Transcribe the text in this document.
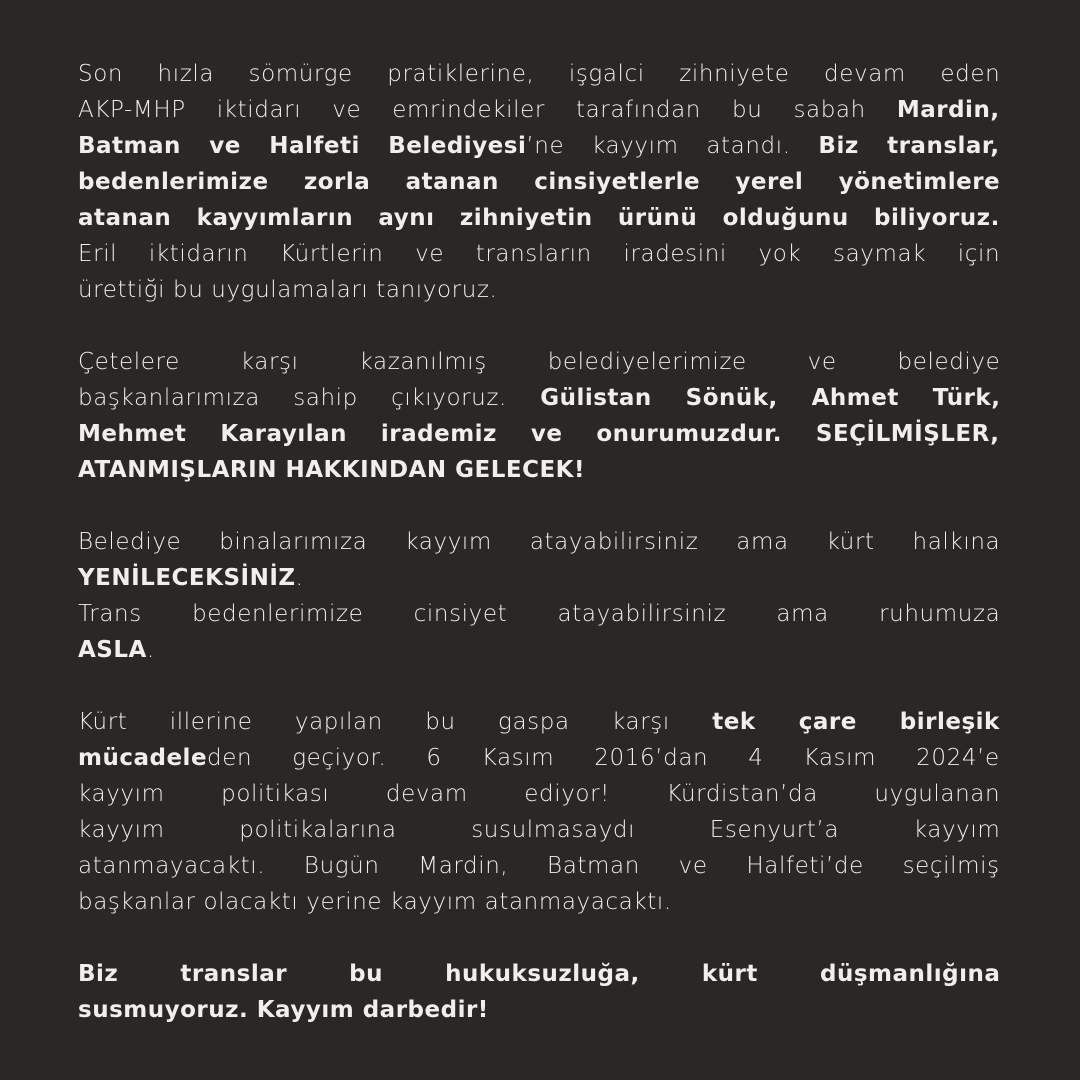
Son hızla sömürge pratiklerine, işgalci zihniyete devam eden
AKP-MHP iktidarı ve emrindekiler tarafından bu sabah Mardin,
Batman ve Halfeti Belediyesi’ne kayyım atandı. Biz translar,
bedenlerimize zorla atanan cinsiyetlerle yerel yönetimlere
atanan kayyımların aynı zihniyetin ürünü olduğunu biliyoruz.
Eril iktidarın Kürtlerin ve transların iradesini yok saymak için
ürettiği bu uygulamaları tanıyoruz.
Çetelere karşı kazanılmış belediyelerimize ve belediye
başkanlarımıza sahip çıkıyoruz. Gülistan Sönük, Ahmet Türk,
Mehmet Karayılan irademiz ve onurumuzdur. SEÇİLMİŞLER,
ATANMIŞLARIN HAKKINDAN GELECEK!
Belediye binalarımıza kayyım atayabilirsiniz ama kürt halkına
YENİLECEKSİNİZ.
Trans bedenlerimize cinsiyet atayabilirsiniz ama ruhumuza
ASLA.
Kürt illerine yapılan bu gaspa karşı tek çare birleşik
mücadeleden geçiyor. 6 Kasım 2016’dan 4 Kasım 2024’e
kayyım politikası devam ediyor! Kürdistan’da uygulanan
kayyım politikalarına susulmasaydı Esenyurt’a kayyım
atanmayacaktı. Bugün Mardin, Batman ve Halfeti’de seçilmiş
başkanlar olacaktı yerine kayyım atanmayacaktı.
Biz translar bu hukuksuzluğa, kürt düşmanlığına
susmuyoruz. Kayyım darbedir!
